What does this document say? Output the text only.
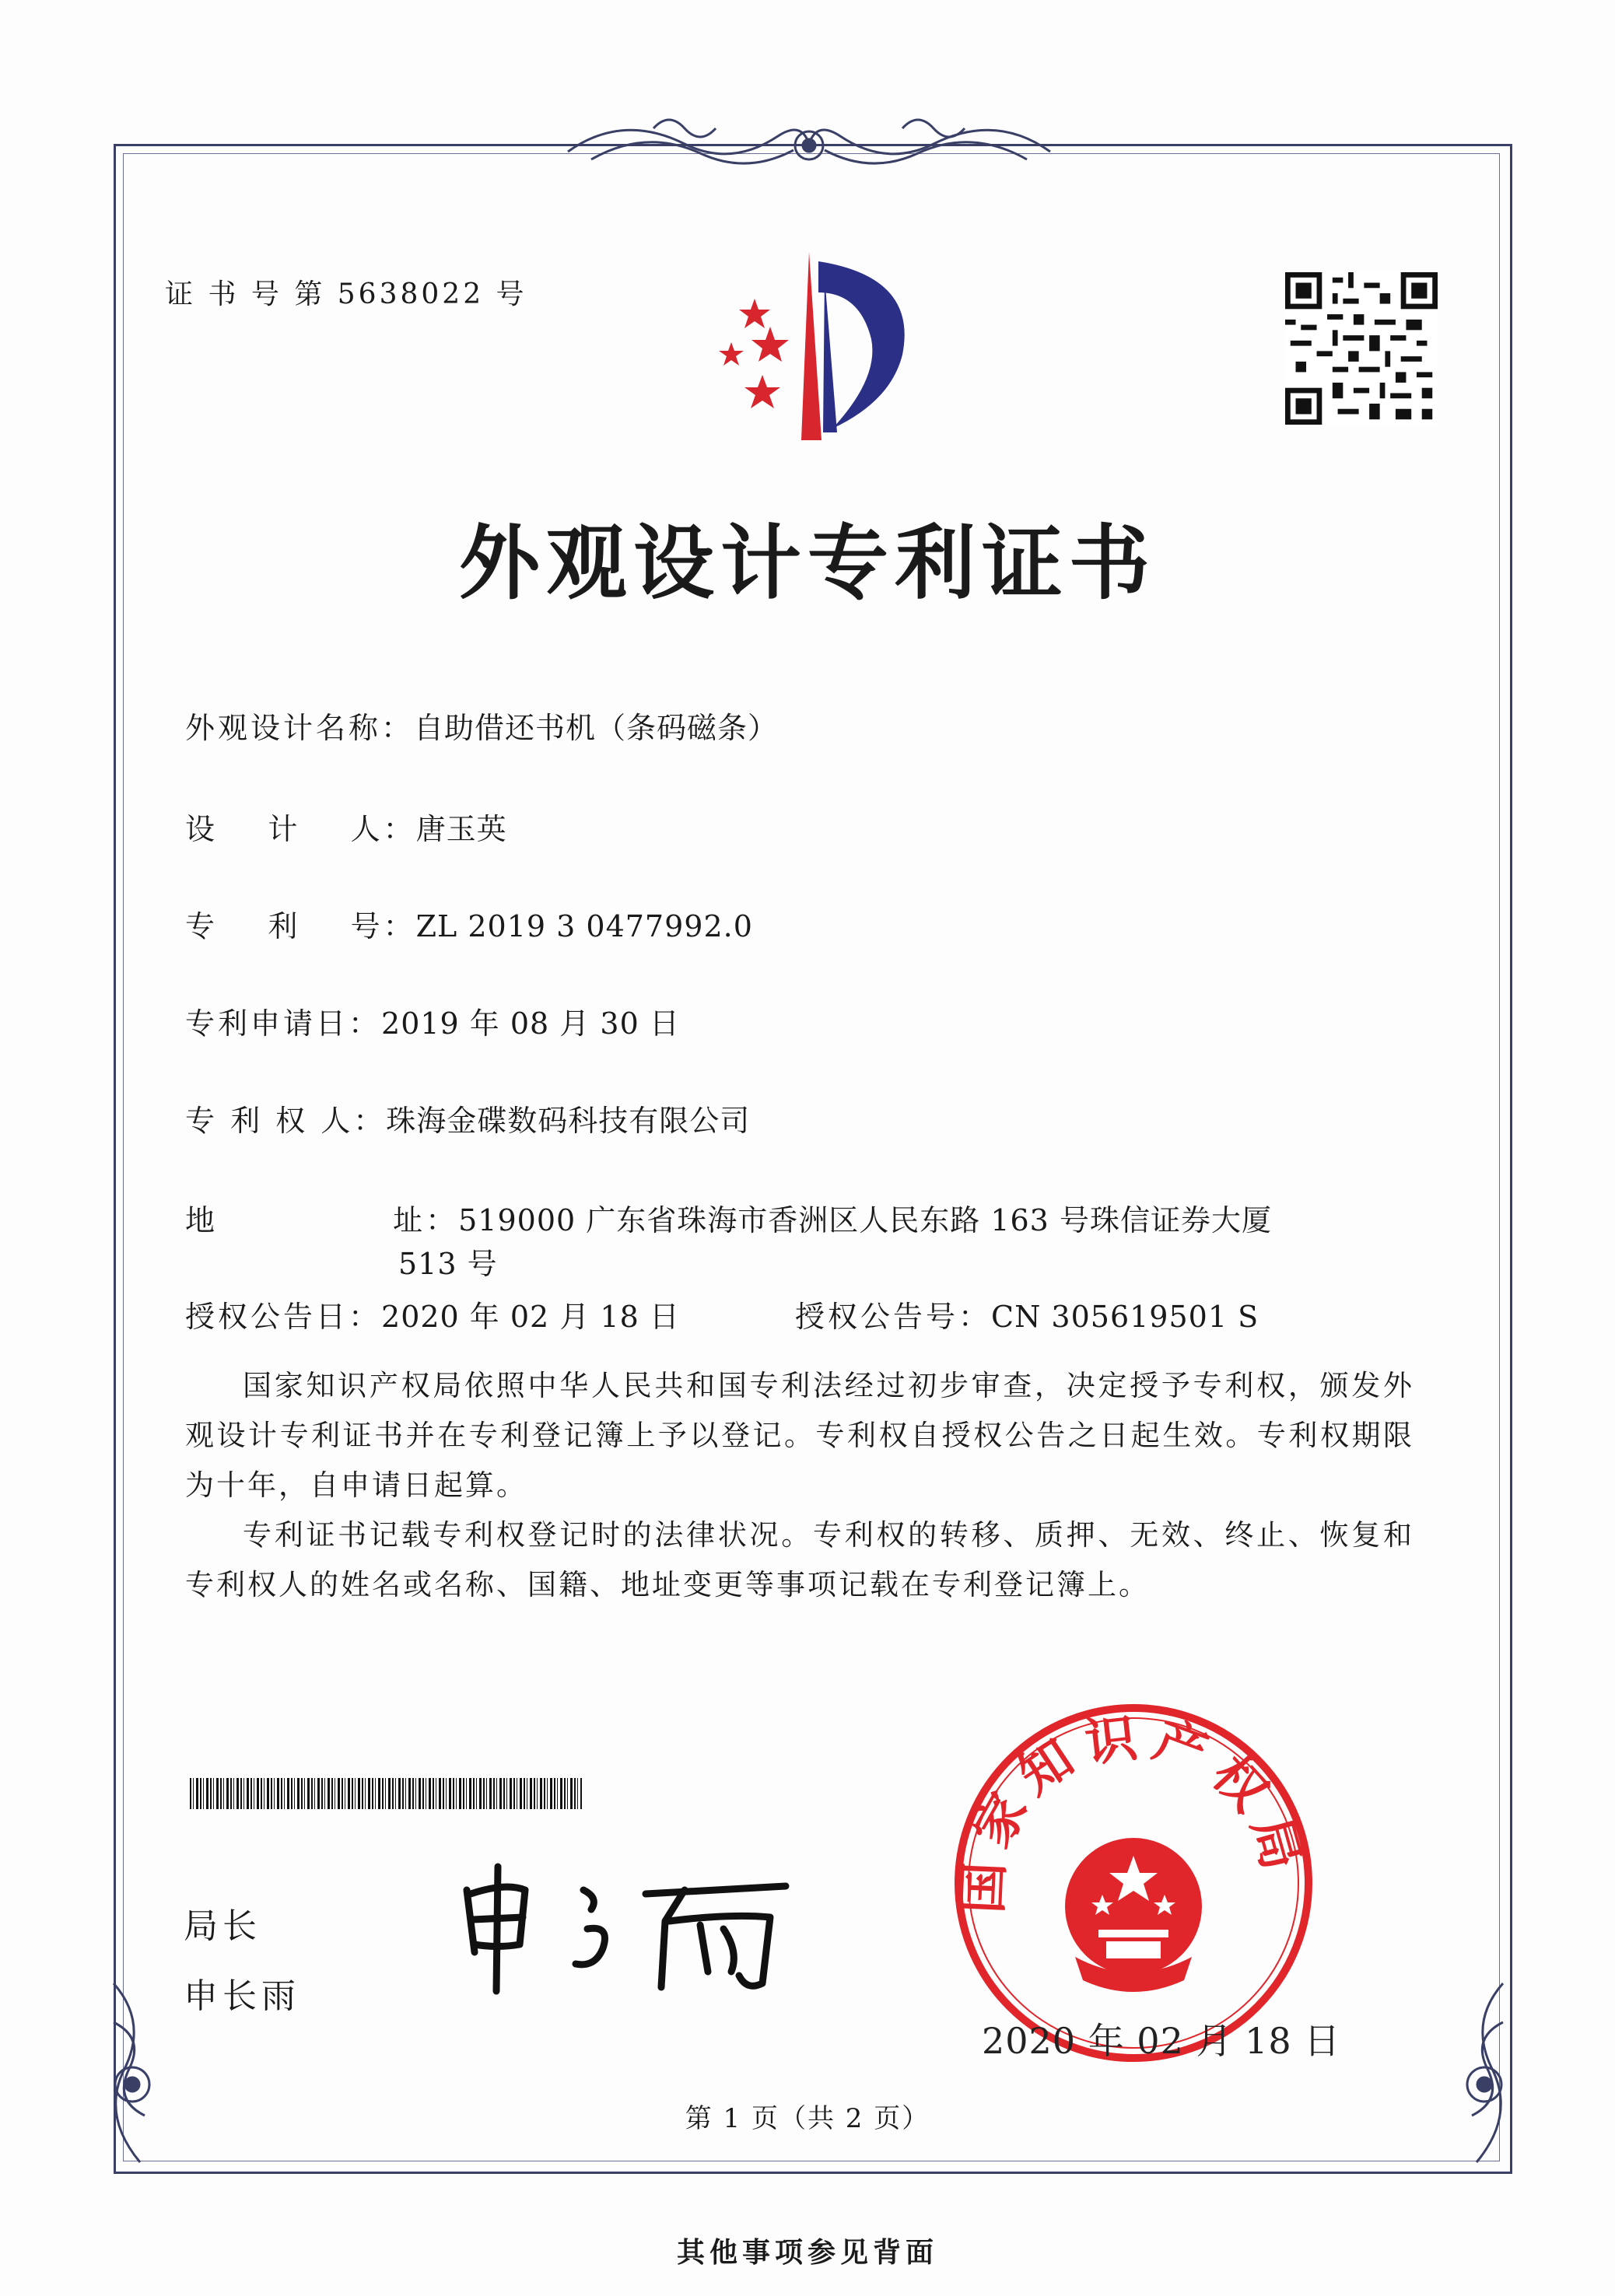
证 书 号 第 5638022 号
外观设计专利证书
外观设计名称：自助借还书机（条码磁条）
设    计    人：唐玉英
专    利    号：ZL 2019 3 0477992.0
专利申请日：2019 年 08 月 30 日
专 利 权 人：珠海金碟数码科技有限公司
地              址：519000 广东省珠海市香洲区人民东路 163 号珠信证券大厦
513 号
授权公告日：2020 年 02 月 18 日	授权公告号：CN 305619501 S
国家知识产权局依照中华人民共和国专利法经过初步审查，决定授予专利权，颁发外观设计专利证书并在专利登记簿上予以登记。专利权自授权公告之日起生效。专利权期限为十年，自申请日起算。
专利证书记载专利权登记时的法律状况。专利权的转移、质押、无效、终止、恢复和专利权人的姓名或名称、国籍、地址变更等事项记载在专利登记簿上。
局长
申长雨
国家知识产权局
2020 年 02 月 18 日
第 1 页（共 2 页）
其他事项参见背面
